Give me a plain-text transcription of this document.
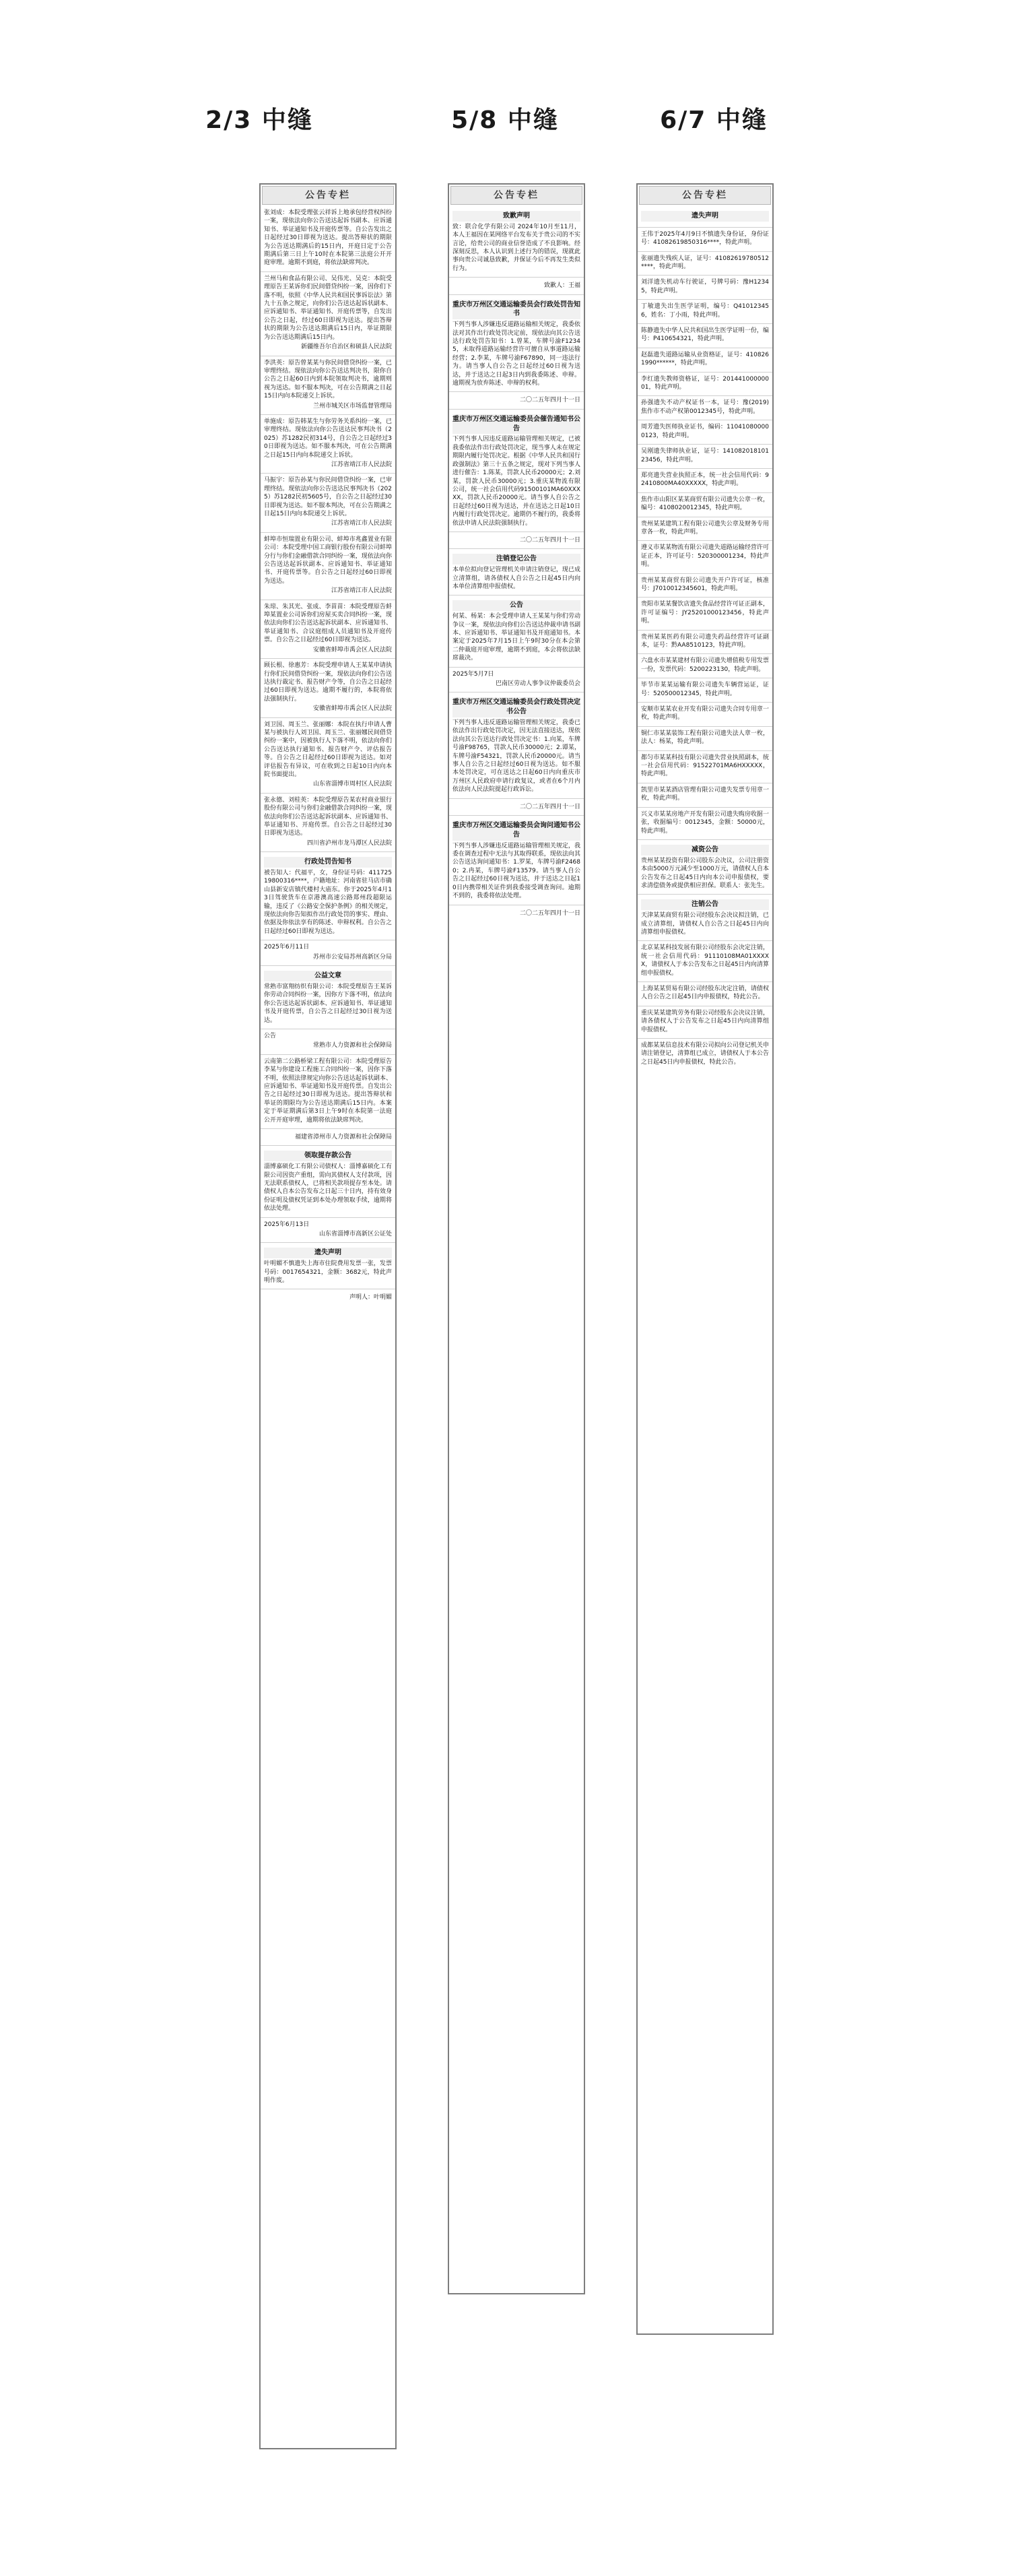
2/3 中缝	5/8 中缝	6/7 中缝
公告专栏
张刘成：本院受理张云祥诉上地承包经营权纠纷一案，现依法向你公告送达起诉书副本、应诉通知书、举证通知书及开庭传票等。自公告发出之日起经过30日即视为送达。提出答辩状的期限为公告送达期满后的15日内，开庭日定于公告期满后第三日上午10时在本院第三法庭公开开庭审理。逾期不到庭，将依法缺席判决。
兰州马和食品有限公司、吴伟光、吴克：本院受理原告王某诉你们民间借贷纠纷一案，因你们下落不明，依照《中华人民共和国民事诉讼法》第九十五条之规定，向你们公告送达起诉状副本、应诉通知书、举证通知书、开庭传票等，自发出公告之日起，经过60日即视为送达。提出答辩状的期限为公告送达期满后15日内，举证期限为公告送达期满后15日内。
新疆维吾尔自治区和硕县人民法院
李洪英：原告曾某某与你民间借贷纠纷一案，已审理终结。现依法向你公告送达判决书，限你自公告之日起60日内到本院领取判决书，逾期则视为送达。如不服本判决，可在公告期满之日起15日内向本院递交上诉状。
兰州市城关区市场监督管理局
单施成：原告韩某生与你劳务关系纠纷一案，已审理终结。现依法向你公告送达民事判决书（2025）苏1282民初314号，自公告之日起经过30日即视为送达。如不服本判决，可在公告期满之日起15日内向本院递交上诉状。
江苏省靖江市人民法院
马振宇：原告孙某与你民间借贷纠纷一案，已审理终结。现依法向你公告送达民事判决书（2025）苏1282民初5605号，自公告之日起经过30日即视为送达。如不服本判决，可在公告期满之日起15日内向本院递交上诉状。
江苏省靖江市人民法院
蚌埠市恒瑞置业有限公司、蚌埠市兆鑫置业有限公司：本院受理中国工商银行股份有限公司蚌埠分行与你们金融借款合同纠纷一案，现依法向你公告送达起诉状副本、应诉通知书、举证通知书、开庭传票等。自公告之日起经过60日即视为送达。
江苏省靖江市人民法院
朱琼、朱其光、张成、李苗苗：本院受理原告蚌埠某置业公司诉你们房屋买卖合同纠纷一案，现依法向你们公告送达起诉状副本、应诉通知书、举证通知书、合议庭组成人员通知书及开庭传票。自公告之日起经过60日即视为送达。
安徽省蚌埠市禹会区人民法院
顾长根、徐惠芳：本院受理申请人王某某申请执行你们民间借贷纠纷一案，现依法向你们公告送达执行裁定书、报告财产令等，自公告之日起经过60日即视为送达。逾期不履行的，本院将依法强制执行。
安徽省蚌埠市禹会区人民法院
刘卫国、周玉兰、张丽娜：本院在执行申请人曹某与被执行人刘卫国、周玉兰、张丽娜民间借贷纠纷一案中，因被执行人下落不明，依法向你们公告送达执行通知书、报告财产令、评估报告等。自公告之日起经过60日即视为送达。如对评估报告有异议，可在收到之日起10日内向本院书面提出。
山东省淄博市周村区人民法院
张永德、刘桂英：本院受理原告某农村商业银行股份有限公司与你们金融借款合同纠纷一案，现依法向你们公告送达起诉状副本、应诉通知书、举证通知书、开庭传票。自公告之日起经过30日即视为送达。
四川省泸州市龙马潭区人民法院
行政处罚告知书
被告知人：代福平，女，身份证号码：41172519800316****，户籍地址：河南省驻马店市确山县新安店镇代楼村大庙东。你于2025年4月13日驾驶货车在京港澳高速公路郑州段超限运输，违反了《公路安全保护条例》的相关规定，现依法向你告知拟作出行政处罚的事实、理由、依据及你依法享有的陈述、申辩权利。自公告之日起经过60日即视为送达。
2025年6月11日
苏州市公安局苏州高新区分局
公益文章
常熟市富翔纺织有限公司：本院受理原告王某诉你劳动合同纠纷一案，因你方下落不明，依法向你公告送达起诉状副本、应诉通知书、举证通知书及开庭传票，自公告之日起经过30日视为送达。
公告
常熟市人力资源和社会保障局
云南第二公路桥梁工程有限公司：本院受理原告李某与你建设工程施工合同纠纷一案，因你下落不明，依照法律规定向你公告送达起诉状副本、应诉通知书、举证通知书及开庭传票。自发出公告之日起经过30日即视为送达。提出答辩状和举证的期限均为公告送达期满后15日内。本案定于举证期满后第3日上午9时在本院第一法庭公开开庭审理，逾期将依法缺席判决。
福建省漳州市人力资源和社会保障局
领取提存款公告
淄博嘉硕化工有限公司债权人：淄博嘉硕化工有限公司因资产重组，需向其债权人支付款项，因无法联系债权人，已将相关款项提存至本处。请债权人自本公告发布之日起三十日内，持有效身份证明及债权凭证到本处办理领取手续，逾期将依法处理。
2025年6月13日
山东省淄博市高新区公证处
遗失声明
叶明媚不慎遗失上海市住院费用发票一张，发票号码：0017654321，金额：3682元，特此声明作废。
声明人：叶明媚
公告专栏
致歉声明
致：联合化学有限公司 2024年10月至11月，本人王福因在某网络平台发布关于贵公司的不实言论，给贵公司的商业信誉造成了不良影响。经深刻反思，本人认识到上述行为的错误，现就此事向贵公司诚恳致歉，并保证今后不再发生类似行为。
致歉人：王福
重庆市万州区交通运输委员会行政处罚告知书
下列当事人涉嫌违反道路运输相关规定，我委依法对其作出行政处罚决定前，现依法向其公告送达行政处罚告知书：1.曾某，车牌号渝F12345，未取得道路运输经营许可擅自从事道路运输经营；2.李某，车牌号渝F67890，同一违法行为。请当事人自公告之日起经过60日视为送达，并于送达之日起3日内到我委陈述、申辩。逾期视为放弃陈述、申辩的权利。
二〇二五年四月十一日
重庆市万州区交通运输委员会催告通知书公告
下列当事人因违反道路运输管理相关规定，已被我委依法作出行政处罚决定，现当事人未在规定期限内履行处罚决定。根据《中华人民共和国行政强制法》第三十五条之规定，现对下列当事人进行催告：1.陈某，罚款人民币20000元；2.刘某，罚款人民币30000元；3.重庆某物流有限公司，统一社会信用代码91500101MA60XXXXX，罚款人民币20000元。请当事人自公告之日起经过60日视为送达，并在送达之日起10日内履行行政处罚决定。逾期仍不履行的，我委将依法申请人民法院强制执行。
二〇二五年四月十一日
注销登记公告
本单位拟向登记管理机关申请注销登记，现已成立清算组，请各债权人自公告之日起45日内向本单位清算组申报债权。
公告
何某、杨某：本会受理申请人王某某与你们劳动争议一案，现依法向你们公告送达仲裁申请书副本、应诉通知书、举证通知书及开庭通知书。本案定于2025年7月15日上午9时30分在本会第二仲裁庭开庭审理，逾期不到庭，本会将依法缺席裁决。
2025年5月7日
巴南区劳动人事争议仲裁委员会
重庆市万州区交通运输委员会行政处罚决定书公告
下列当事人违反道路运输管理相关规定，我委已依法作出行政处罚决定，因无法直接送达，现依法向其公告送达行政处罚决定书：1.向某，车牌号渝F98765，罚款人民币30000元；2.谭某，车牌号渝F54321，罚款人民币20000元。请当事人自公告之日起经过60日视为送达。如不服本处罚决定，可在送达之日起60日内向重庆市万州区人民政府申请行政复议，或者在6个月内依法向人民法院提起行政诉讼。
二〇二五年四月十一日
重庆市万州区交通运输委员会询问通知书公告
下列当事人涉嫌违反道路运输管理相关规定，我委在调查过程中无法与其取得联系，现依法向其公告送达询问通知书：1.罗某，车牌号渝F24680；2.冉某，车牌号渝F13579。请当事人自公告之日起经过60日视为送达，并于送达之日起10日内携带相关证件到我委接受调查询问。逾期不到的，我委将依法处理。
二〇二五年四月十一日
公告专栏
遗失声明
王伟于2025年4月9日不慎遗失身份证，身份证号：41082619850316****，特此声明。
张丽遗失残疾人证，证号：41082619780512****，特此声明。
刘洋遗失机动车行驶证，号牌号码：豫H12345，特此声明。
丁敏遗失出生医学证明，编号：Q410123456，姓名：丁小雨，特此声明。
陈静遗失中华人民共和国出生医学证明一份，编号：P410654321，特此声明。
赵磊遗失道路运输从业资格证，证号：4108261990******，特此声明。
李红遗失教师资格证，证号：20144100000001，特此声明。
孙强遗失不动产权证书一本，证号：豫(2019)焦作市不动产权第0012345号，特此声明。
周芳遗失医师执业证书，编码：110410800000123，特此声明。
吴刚遗失律师执业证，证号：14108201810123456，特此声明。
郑亮遗失营业执照正本，统一社会信用代码：92410800MA40XXXXX，特此声明。
焦作市山阳区某某商贸有限公司遗失公章一枚，编号：4108020012345，特此声明。
贵州某某建筑工程有限公司遗失公章及财务专用章各一枚，特此声明。
遵义市某某物流有限公司遗失道路运输经营许可证正本，许可证号：520300001234，特此声明。
贵州某某商贸有限公司遗失开户许可证，核准号：J7010012345601，特此声明。
贵阳市某某餐饮店遗失食品经营许可证正副本，许可证编号：JY25201000123456，特此声明。
贵州某某医药有限公司遗失药品经营许可证副本，证号：黔AA8510123，特此声明。
六盘水市某某建材有限公司遗失增值税专用发票一份，发票代码：5200223130，特此声明。
毕节市某某运输有限公司遗失车辆营运证，证号：520500012345，特此声明。
安顺市某某农业开发有限公司遗失合同专用章一枚，特此声明。
铜仁市某某装饰工程有限公司遗失法人章一枚，法人：杨某，特此声明。
都匀市某某科技有限公司遗失营业执照副本，统一社会信用代码：91522701MA6HXXXXX，特此声明。
凯里市某某酒店管理有限公司遗失发票专用章一枚，特此声明。
兴义市某某房地产开发有限公司遗失购房收据一张，收据编号：0012345，金额：50000元，特此声明。
减资公告
贵州某某投资有限公司股东会决议，公司注册资本由5000万元减少至1000万元，请债权人自本公告发布之日起45日内向本公司申报债权，要求清偿债务或提供相应担保。联系人：张先生。
注销公告
天津某某商贸有限公司经股东会决议拟注销，已成立清算组，请债权人自公告之日起45日内向清算组申报债权。
北京某某科技发展有限公司经股东会决定注销，统一社会信用代码：91110108MA01XXXXX，请债权人于本公告发布之日起45日内向清算组申报债权。
上海某某贸易有限公司经股东决定注销，请债权人自公告之日起45日内申报债权，特此公告。
重庆某某建筑劳务有限公司经股东会决议注销，请各债权人于公告发布之日起45日内向清算组申报债权。
成都某某信息技术有限公司拟向公司登记机关申请注销登记，清算组已成立，请债权人于本公告之日起45日内申报债权，特此公告。
